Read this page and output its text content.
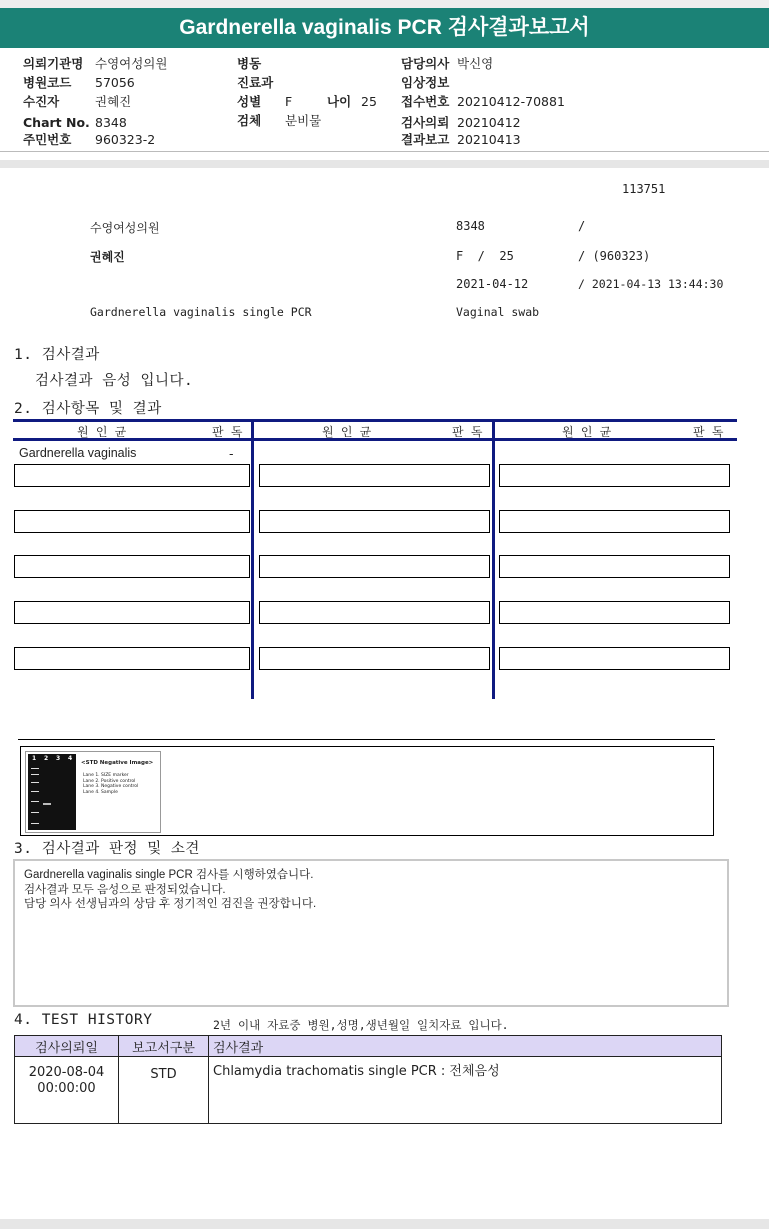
Gardnerella vaginalis PCR 검사결과보고서
의뢰기관명 수영여성의원
병원코드 57056
수진자	권혜진
Chart No. 8348
주민번호 960323-2
병동
진료과
성별 F	나이 25
검체 분비물
담당의사 박신영
임상정보
접수번호 20210412-70881
검사의뢰 20210412
결과보고 20210413
113751
수영여성의원	8348	/
권혜진	F  /  25	/ (960323)
2021-04-12	/ 2021-04-13 13:44:30
Gardnerella vaginalis single PCR	Vaginal swab
1. 검사결과
검사결과 음성 입니다.
2. 검사항목 및 결과
원 인 균	판 독	원 인 균	판 독	원 인 균	판 독
Gardnerella vaginalis	-
1 2 3 4
<STD Negative Image>
Lane 1. SIZE marker
Lane 2. Positive control
Lane 3. Negative control
Lane 4. Sample
3. 검사결과 판정 및 소견
Gardnerella vaginalis single PCR 검사를 시행하였습니다.
검사결과 모두 음성으로 판정되었습니다.
담당 의사 선생님과의 상담 후 정기적인 검진을 권장합니다.
4. TEST HISTORY	2년 이내 자료중 병원,성명,생년월일 일치자료 입니다.
검사의뢰일	보고서구분	검사결과
2020-08-04
00:00:00	STD	Chlamydia trachomatis single PCR : 전체음성
